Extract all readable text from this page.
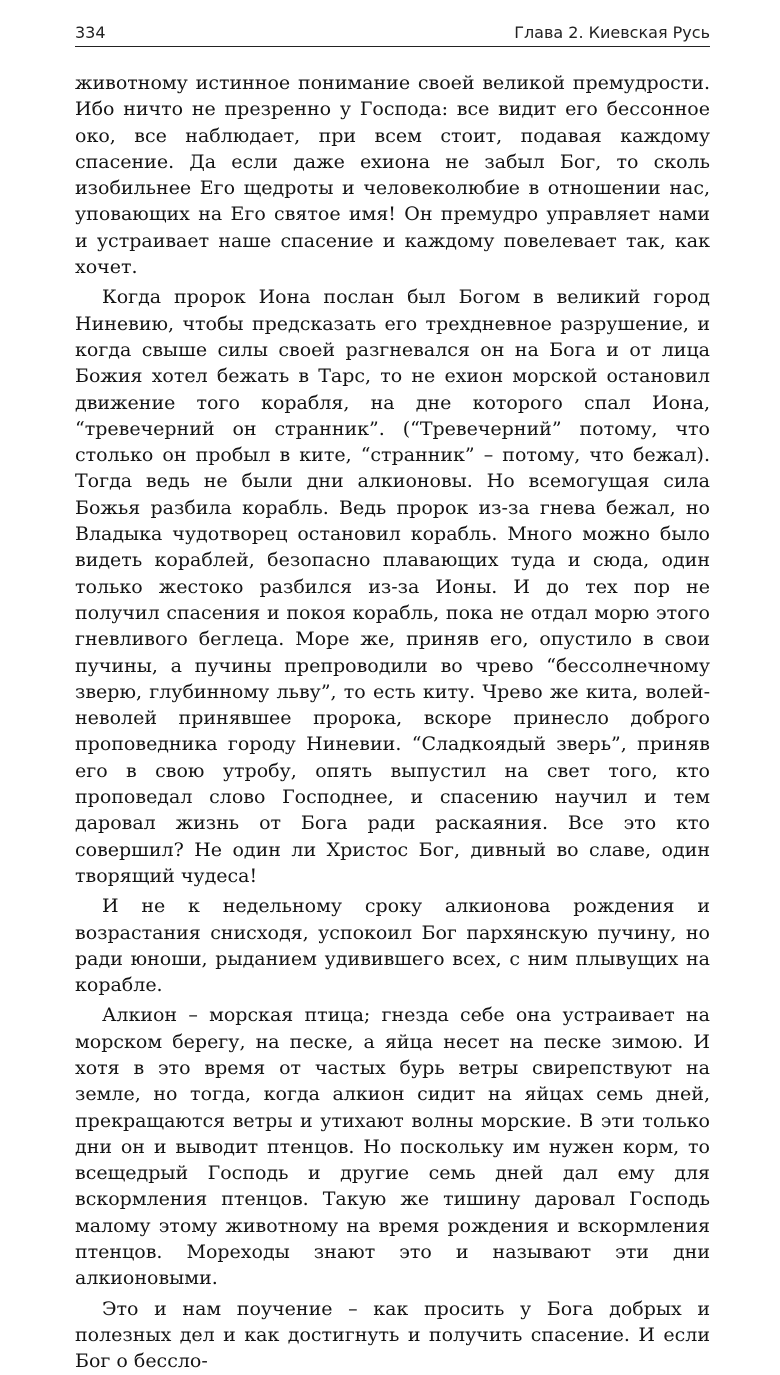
334	Глава 2. Киевская Русь

животному истинное понимание своей великой премудрости. Ибо ничто не презренно у Господа: все видит его бессонное око, все наблюдает, при всем стоит, подавая каждому спасение. Да если даже ехиона не забыл Бог, то сколь изобильнее Его щедроты и человеколюбие в отношении нас, уповающих на Его святое имя! Он премудро управляет нами и устраивает наше спасение и каждому повелевает так, как хочет.

Когда пророк Иона послан был Богом в великий город Ниневию, чтобы предсказать его трехдневное разрушение, и когда свыше силы своей разгневался он на Бога и от лица Божия хотел бежать в Тарс, то не ехион морской остановил движение того корабля, на дне которого спал Иона, “тревечерний он странник”. (“Тревечерний” потому, что столько он пробыл в ките, “странник” – потому, что бежал). Тогда ведь не были дни алкионовы. Но всемогущая сила Божья разбила корабль. Ведь пророк из-за гнева бежал, но Владыка чудотворец остановил корабль. Много можно было видеть кораблей, безопасно плавающих туда и сюда, один только жестоко разбился из-за Ионы. И до тех пор не получил спасения и покоя корабль, пока не отдал морю этого гневливого беглеца. Море же, приняв его, опустило в свои пучины, а пучины препроводили во чрево “бессолнечному зверю, глубинному льву”, то есть киту. Чрево же кита, волей-неволей принявшее пророка, вскоре принесло доброго проповедника городу Ниневии. “Сладкоядый зверь”, приняв его в свою утробу, опять выпустил на свет того, кто проповедал слово Господнее, и спасению научил и тем даровал жизнь от Бога ради раскаяния. Все это кто совершил? Не один ли Христос Бог, дивный во славе, один творящий чудеса!

И не к недельному сроку алкионова рождения и возрастания снисходя, успокоил Бог пархянскую пучину, но ради юноши, рыданием удивившего всех, с ним плывущих на корабле.

Алкион – морская птица; гнезда себе она устраивает на морском берегу, на песке, а яйца несет на песке зимою. И хотя в это время от частых бурь ветры свирепствуют на земле, но тогда, когда алкион сидит на яйцах семь дней, прекращаются ветры и утихают волны морские. В эти только дни он и выводит птенцов. Но поскольку им нужен корм, то всещедрый Господь и другие семь дней дал ему для вскормления птенцов. Такую же тишину даровал Господь малому этому животному на время рождения и вскормления птенцов. Мореходы знают это и называют эти дни алкионовыми.

Это и нам поучение – как просить у Бога добрых и полезных дел и как достигнуть и получить спасение. И если Бог о бессло-
